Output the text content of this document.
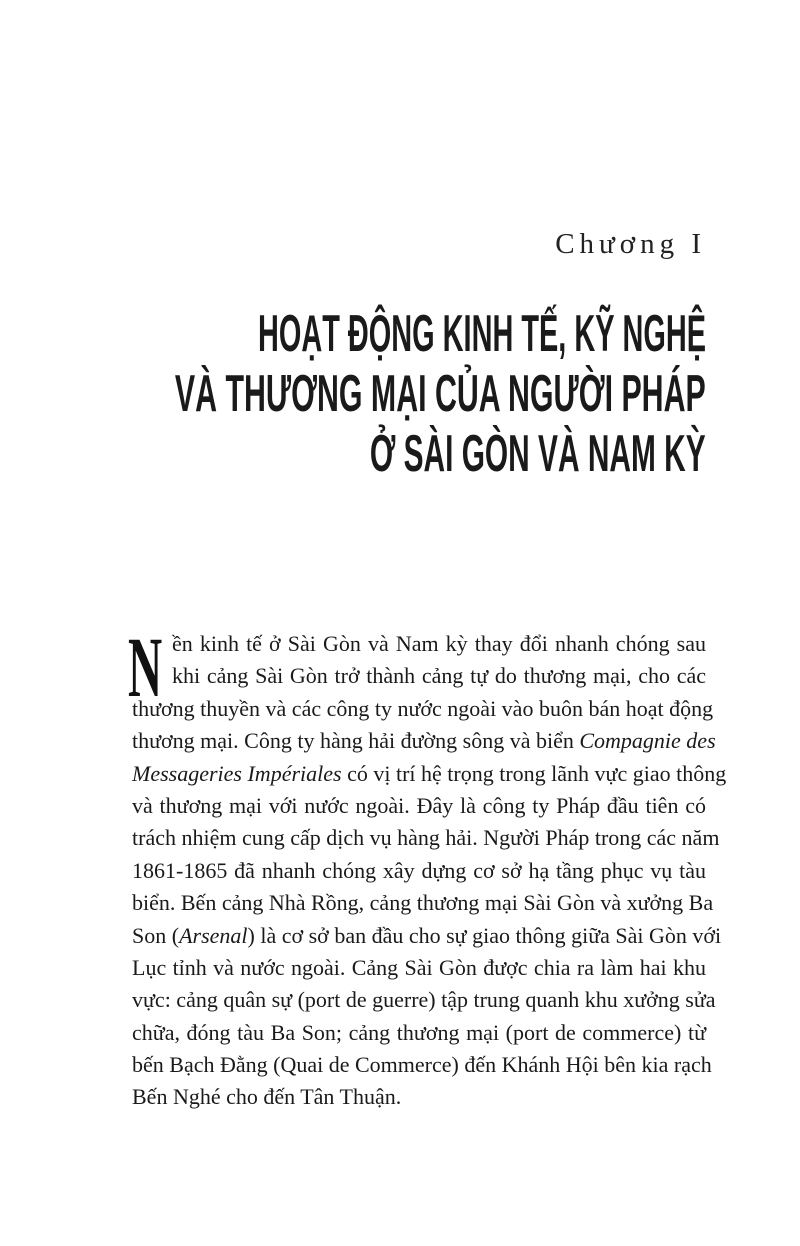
Chương I
HOẠT ĐỘNG KINH TẾ, KỸ NGHỆ
VÀ THƯƠNG MẠI CỦA NGƯỜI PHÁP
Ở SÀI GÒN VÀ NAM KỲ
N ền kinh tế ở Sài Gòn và Nam kỳ thay đổi nhanh chóng sau
khi cảng Sài Gòn trở thành cảng tự do thương mại, cho các
thương thuyền và các công ty nước ngoài vào buôn bán hoạt động
thương mại. Công ty hàng hải đường sông và biển Compagnie des
Messageries Impériales có vị trí hệ trọng trong lãnh vực giao thông
và thương mại với nước ngoài. Đây là công ty Pháp đầu tiên có
trách nhiệm cung cấp dịch vụ hàng hải. Người Pháp trong các năm
1861-1865 đã nhanh chóng xây dựng cơ sở hạ tầng phục vụ tàu
biển. Bến cảng Nhà Rồng, cảng thương mại Sài Gòn và xưởng Ba
Son (Arsenal) là cơ sở ban đầu cho sự giao thông giữa Sài Gòn với
Lục tỉnh và nước ngoài. Cảng Sài Gòn được chia ra làm hai khu
vực: cảng quân sự (port de guerre) tập trung quanh khu xưởng sửa
chữa, đóng tàu Ba Son; cảng thương mại (port de commerce) từ
bến Bạch Đằng (Quai de Commerce) đến Khánh Hội bên kia rạch
Bến Nghé cho đến Tân Thuận.
